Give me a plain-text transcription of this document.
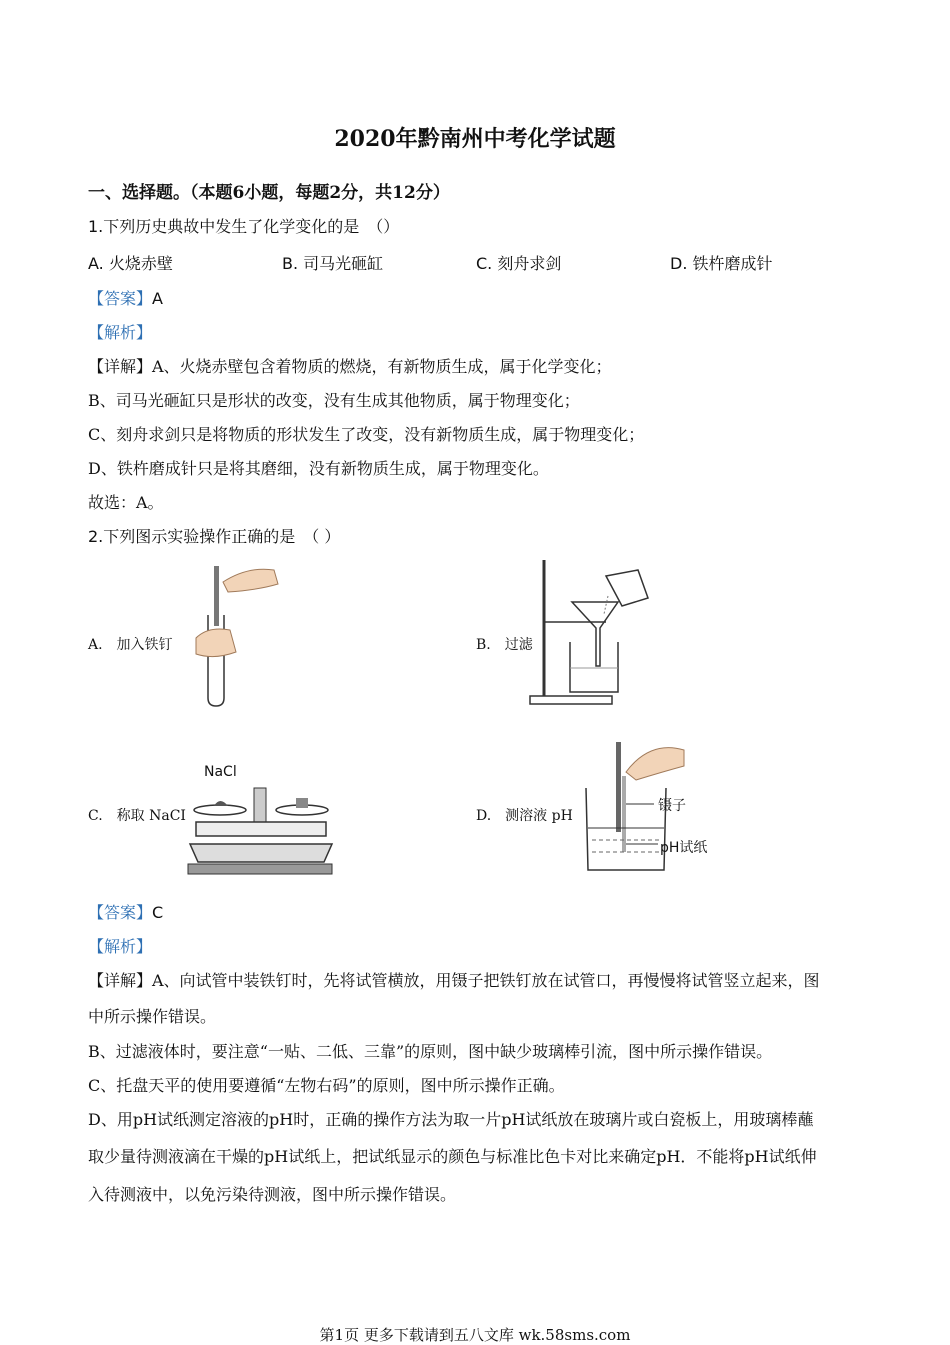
2020年黔南州中考化学试题
一、选择题。（本题6小题，每题2分，共12分）
1.下列历史典故中发生了化学变化的是　（）
A. 火烧赤壁	B. 司马光砸缸	C. 刻舟求剑	D. 铁杵磨成针
【答案】A
【解析】
【详解】A、火烧赤壁包含着物质的燃烧，有新物质生成，属于化学变化；
B、司马光砸缸只是形状的改变，没有生成其他物质，属于物理变化；
C、刻舟求剑只是将物质的形状发生了改变，没有新物质生成，属于物理变化；
D、铁杵磨成针只是将其磨细，没有新物质生成，属于物理变化。
故选：A。
2.下列图示实验操作正确的是　（ ）
A.　加入铁钉	B.　过滤
C.　称取 NaCI
NaCl
D.　测溶液 pH
镊子
pH试纸
【答案】C
【解析】
【详解】A、向试管中装铁钉时，先将试管横放，用镊子把铁钉放在试管口，再慢慢将试管竖立起来，图
中所示操作错误。
B、过滤液体时，要注意“一贴、二低、三靠”的原则，图中缺少玻璃棒引流，图中所示操作错误。
C、托盘天平的使用要遵循“左物右码”的原则，图中所示操作正确。
D、用pH试纸测定溶液的pH时，正确的操作方法为取一片pH试纸放在玻璃片或白瓷板上，用玻璃棒蘸
取少量待测液滴在干燥的pH试纸上，把试纸显示的颜色与标准比色卡对比来确定pH．不能将pH试纸伸
入待测液中，以免污染待测液，图中所示操作错误。
第1页 更多下载请到五八文库 wk.58sms.com
